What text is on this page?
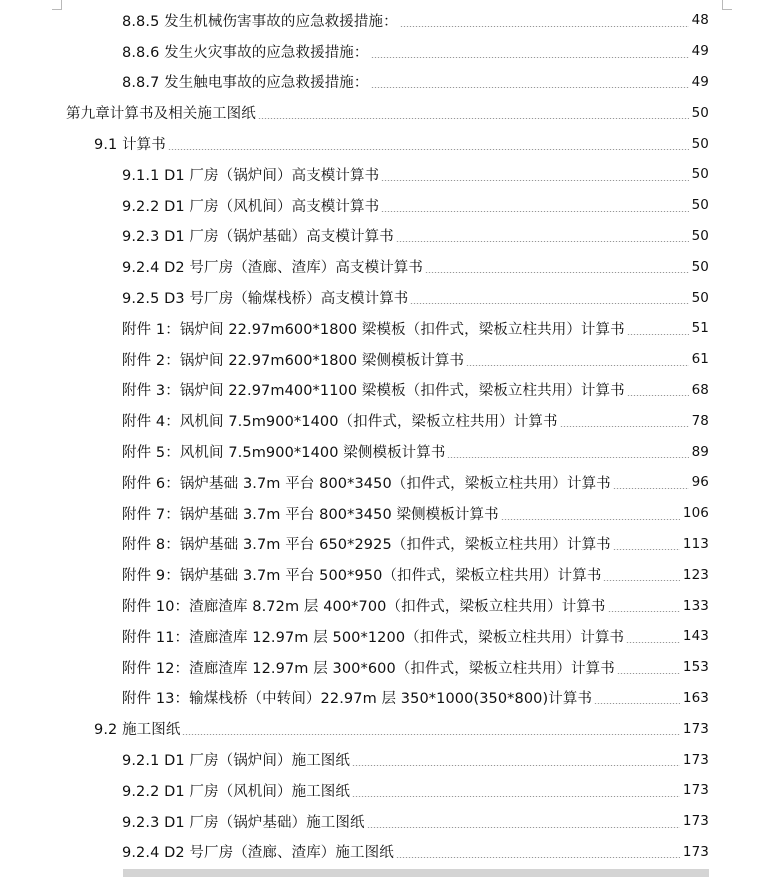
8.8.5 发生机械伤害事故的应急救援措施：	48
8.8.6 发生火灾事故的应急救援措施：	49
8.8.7 发生触电事故的应急救援措施：	49
第九章计算书及相关施工图纸	50
9.1 计算书	50
9.1.1 D1 厂房（锅炉间）高支模计算书	50
9.2.2 D1 厂房（风机间）高支模计算书	50
9.2.3 D1 厂房（锅炉基础）高支模计算书	50
9.2.4 D2 号厂房（渣廊、渣库）高支模计算书	50
9.2.5 D3 号厂房（输煤栈桥）高支模计算书	50
附件 1：锅炉间 22.97m600*1800 梁模板（扣件式，梁板立柱共用）计算书	51
附件 2：锅炉间 22.97m600*1800 梁侧模板计算书	61
附件 3：锅炉间 22.97m400*1100 梁模板（扣件式，梁板立柱共用）计算书	68
附件 4：风机间 7.5m900*1400（扣件式，梁板立柱共用）计算书	78
附件 5：风机间 7.5m900*1400 梁侧模板计算书	89
附件 6：锅炉基础 3.7m 平台 800*3450（扣件式，梁板立柱共用）计算书	96
附件 7：锅炉基础 3.7m 平台 800*3450 梁侧模板计算书	106
附件 8：锅炉基础 3.7m 平台 650*2925（扣件式，梁板立柱共用）计算书	113
附件 9：锅炉基础 3.7m 平台 500*950（扣件式，梁板立柱共用）计算书	123
附件 10：渣廊渣库 8.72m 层 400*700（扣件式，梁板立柱共用）计算书	133
附件 11：渣廊渣库 12.97m 层 500*1200（扣件式，梁板立柱共用）计算书	143
附件 12：渣廊渣库 12.97m 层 300*600（扣件式，梁板立柱共用）计算书	153
附件 13：输煤栈桥（中转间）22.97m 层 350*1000(350*800)计算书	163
9.2 施工图纸	173
9.2.1 D1 厂房（锅炉间）施工图纸	173
9.2.2 D1 厂房（风机间）施工图纸	173
9.2.3 D1 厂房（锅炉基础）施工图纸	173
9.2.4 D2 号厂房（渣廊、渣库）施工图纸	173
